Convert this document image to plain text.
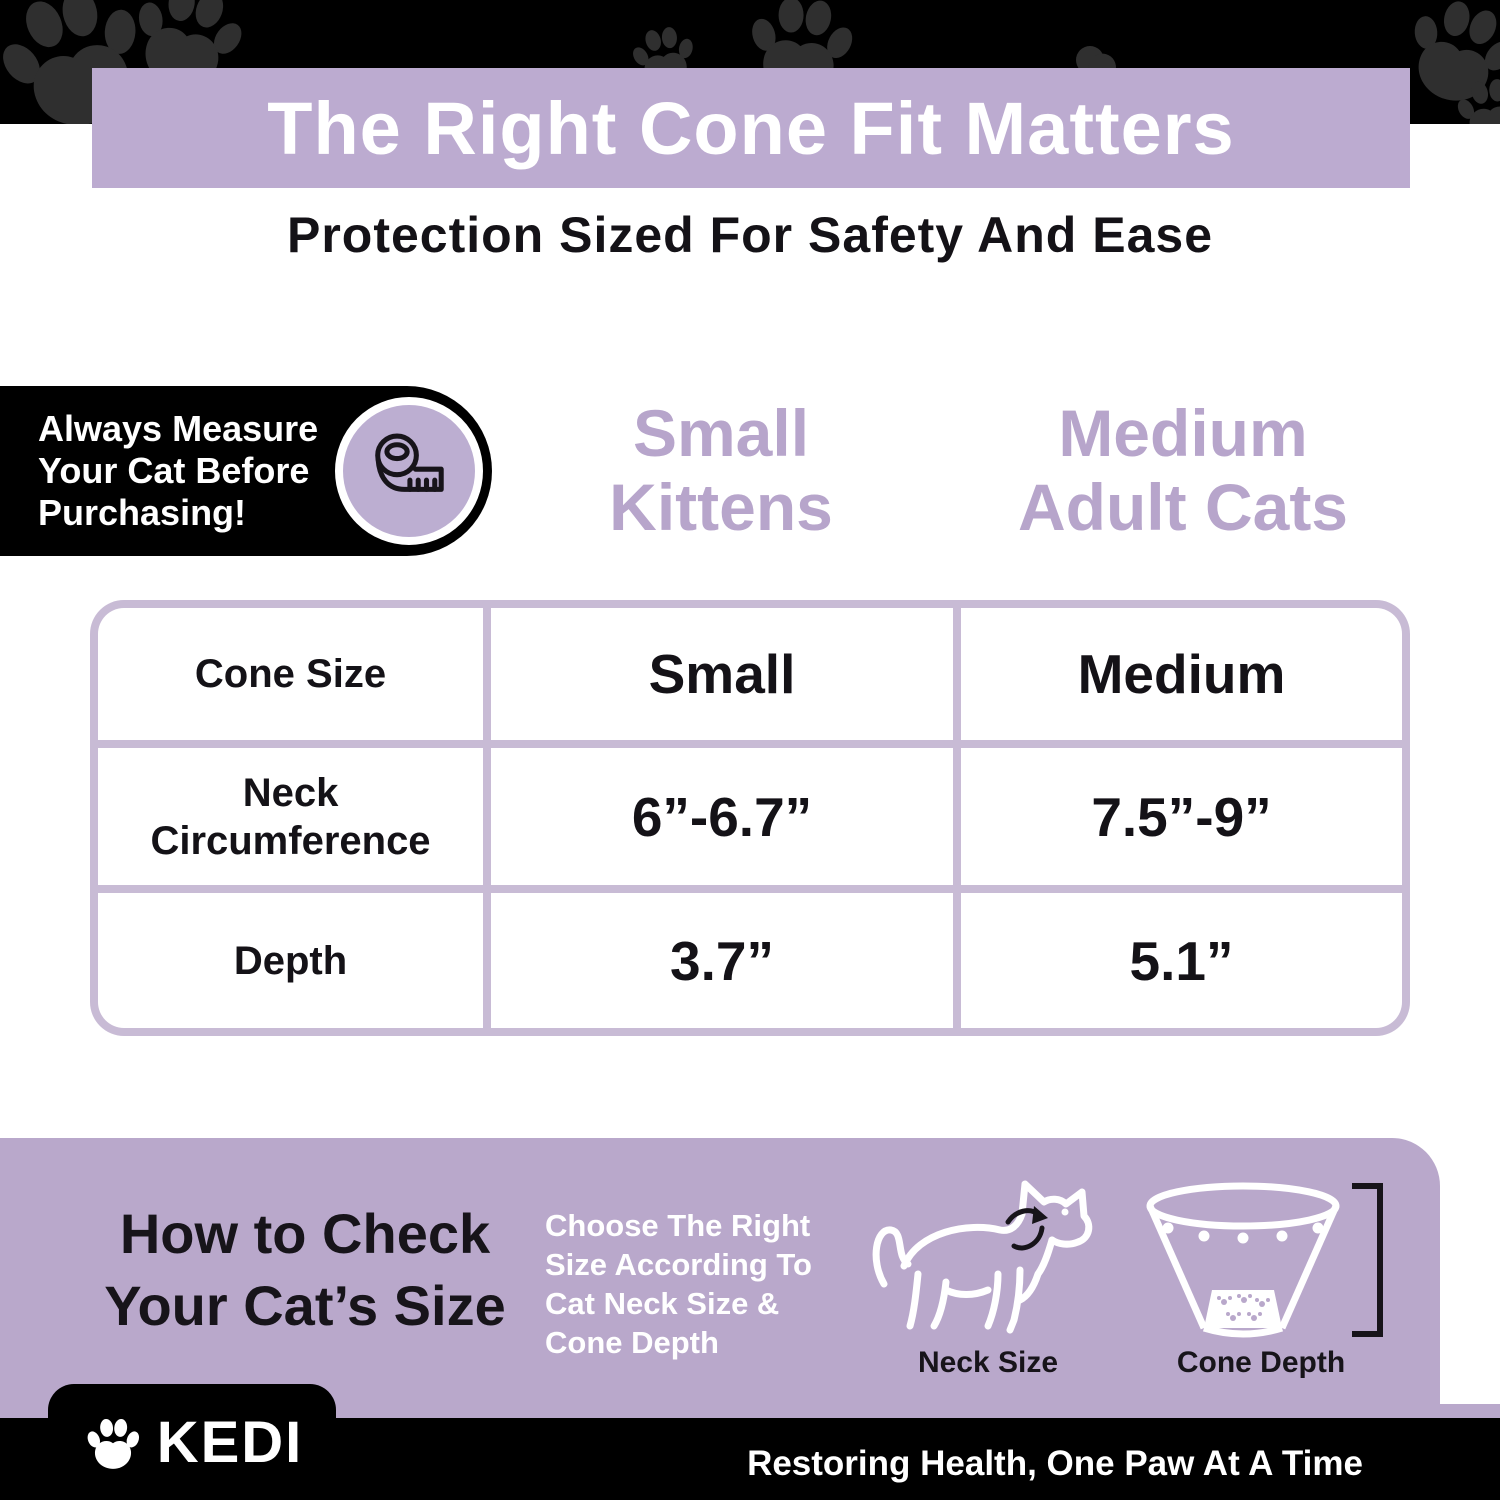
The Right Cone Fit Matters
Protection Sized For Safety And Ease
Always Measure
Your Cat Before
Purchasing!
Small
Kittens
Medium
Adult Cats
Cone Size	Small	Medium
Neck
Circumference	6”-6.7”	7.5”-9”
Depth	3.7”	5.1”
How to Check
Your Cat’s Size
Choose The Right
Size According To
Cat Neck Size &
Cone Depth
Neck Size	Cone Depth
KEDI	Restoring Health, One Paw At A Time
